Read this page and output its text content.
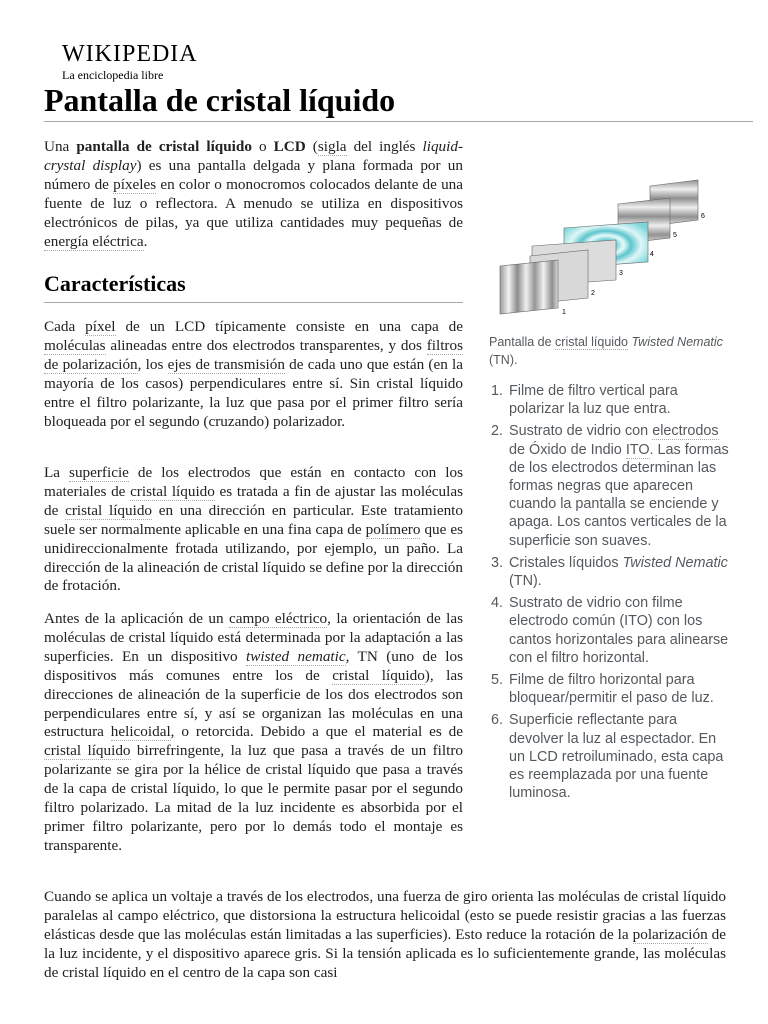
WIKIPEDIA
La enciclopedia libre
Pantalla de cristal líquido

Una pantalla de cristal líquido o LCD (sigla del inglés liquid-crystal display) es una pantalla delgada y plana formada por un número de píxeles en color o monocromos colocados delante de una fuente de luz o reflectora. A menudo se utiliza en dispositivos electrónicos de pilas, ya que utiliza cantidades muy pequeñas de energía eléctrica.

Características

Cada píxel de un LCD típicamente consiste en una capa de moléculas alineadas entre dos electrodos transparentes, y dos filtros de polarización, los ejes de transmisión de cada uno que están (en la mayoría de los casos) perpendiculares entre sí. Sin cristal líquido entre el filtro polarizante, la luz que pasa por el primer filtro sería bloqueada por el segundo (cruzando) polarizador.

La superficie de los electrodos que están en contacto con los materiales de cristal líquido es tratada a fin de ajustar las moléculas de cristal líquido en una dirección en particular. Este tratamiento suele ser normalmente aplicable en una fina capa de polímero que es unidireccionalmente frotada utilizando, por ejemplo, un paño. La dirección de la alineación de cristal líquido se define por la dirección de frotación.

Antes de la aplicación de un campo eléctrico, la orientación de las moléculas de cristal líquido está determinada por la adaptación a las superficies. En un dispositivo twisted nematic, TN (uno de los dispositivos más comunes entre los de cristal líquido), las direcciones de alineación de la superficie de los dos electrodos son perpendiculares entre sí, y así se organizan las moléculas en una estructura helicoidal, o retorcida. Debido a que el material es de cristal líquido birrefringente, la luz que pasa a través de un filtro polarizante se gira por la hélice de cristal líquido que pasa a través de la capa de cristal líquido, lo que le permite pasar por el segundo filtro polarizado. La mitad de la luz incidente es absorbida por el primer filtro polarizante, pero por lo demás todo el montaje es transparente.

Cuando se aplica un voltaje a través de los electrodos, una fuerza de giro orienta las moléculas de cristal líquido paralelas al campo eléctrico, que distorsiona la estructura helicoidal (esto se puede resistir gracias a las fuerzas elásticas desde que las moléculas están limitadas a las superficies). Esto reduce la rotación de la polarización de la luz incidente, y el dispositivo aparece gris. Si la tensión aplicada es lo suficientemente grande, las moléculas de cristal líquido en el centro de la capa son casi

6
5
4
3
2
1
Pantalla de cristal líquido Twisted Nematic (TN).
1. Filme de filtro vertical para polarizar la luz que entra.
2. Sustrato de vidrio con electrodos de Óxido de Indio ITO. Las formas de los electrodos determinan las formas negras que aparecen cuando la pantalla se enciende y apaga. Los cantos verticales de la superficie son suaves.
3. Cristales líquidos Twisted Nematic (TN).
4. Sustrato de vidrio con filme electrodo común (ITO) con los cantos horizontales para alinearse con el filtro horizontal.
5. Filme de filtro horizontal para bloquear/permitir el paso de luz.
6. Superficie reflectante para devolver la luz al espectador. En un LCD retroiluminado, esta capa es reemplazada por una fuente luminosa.
